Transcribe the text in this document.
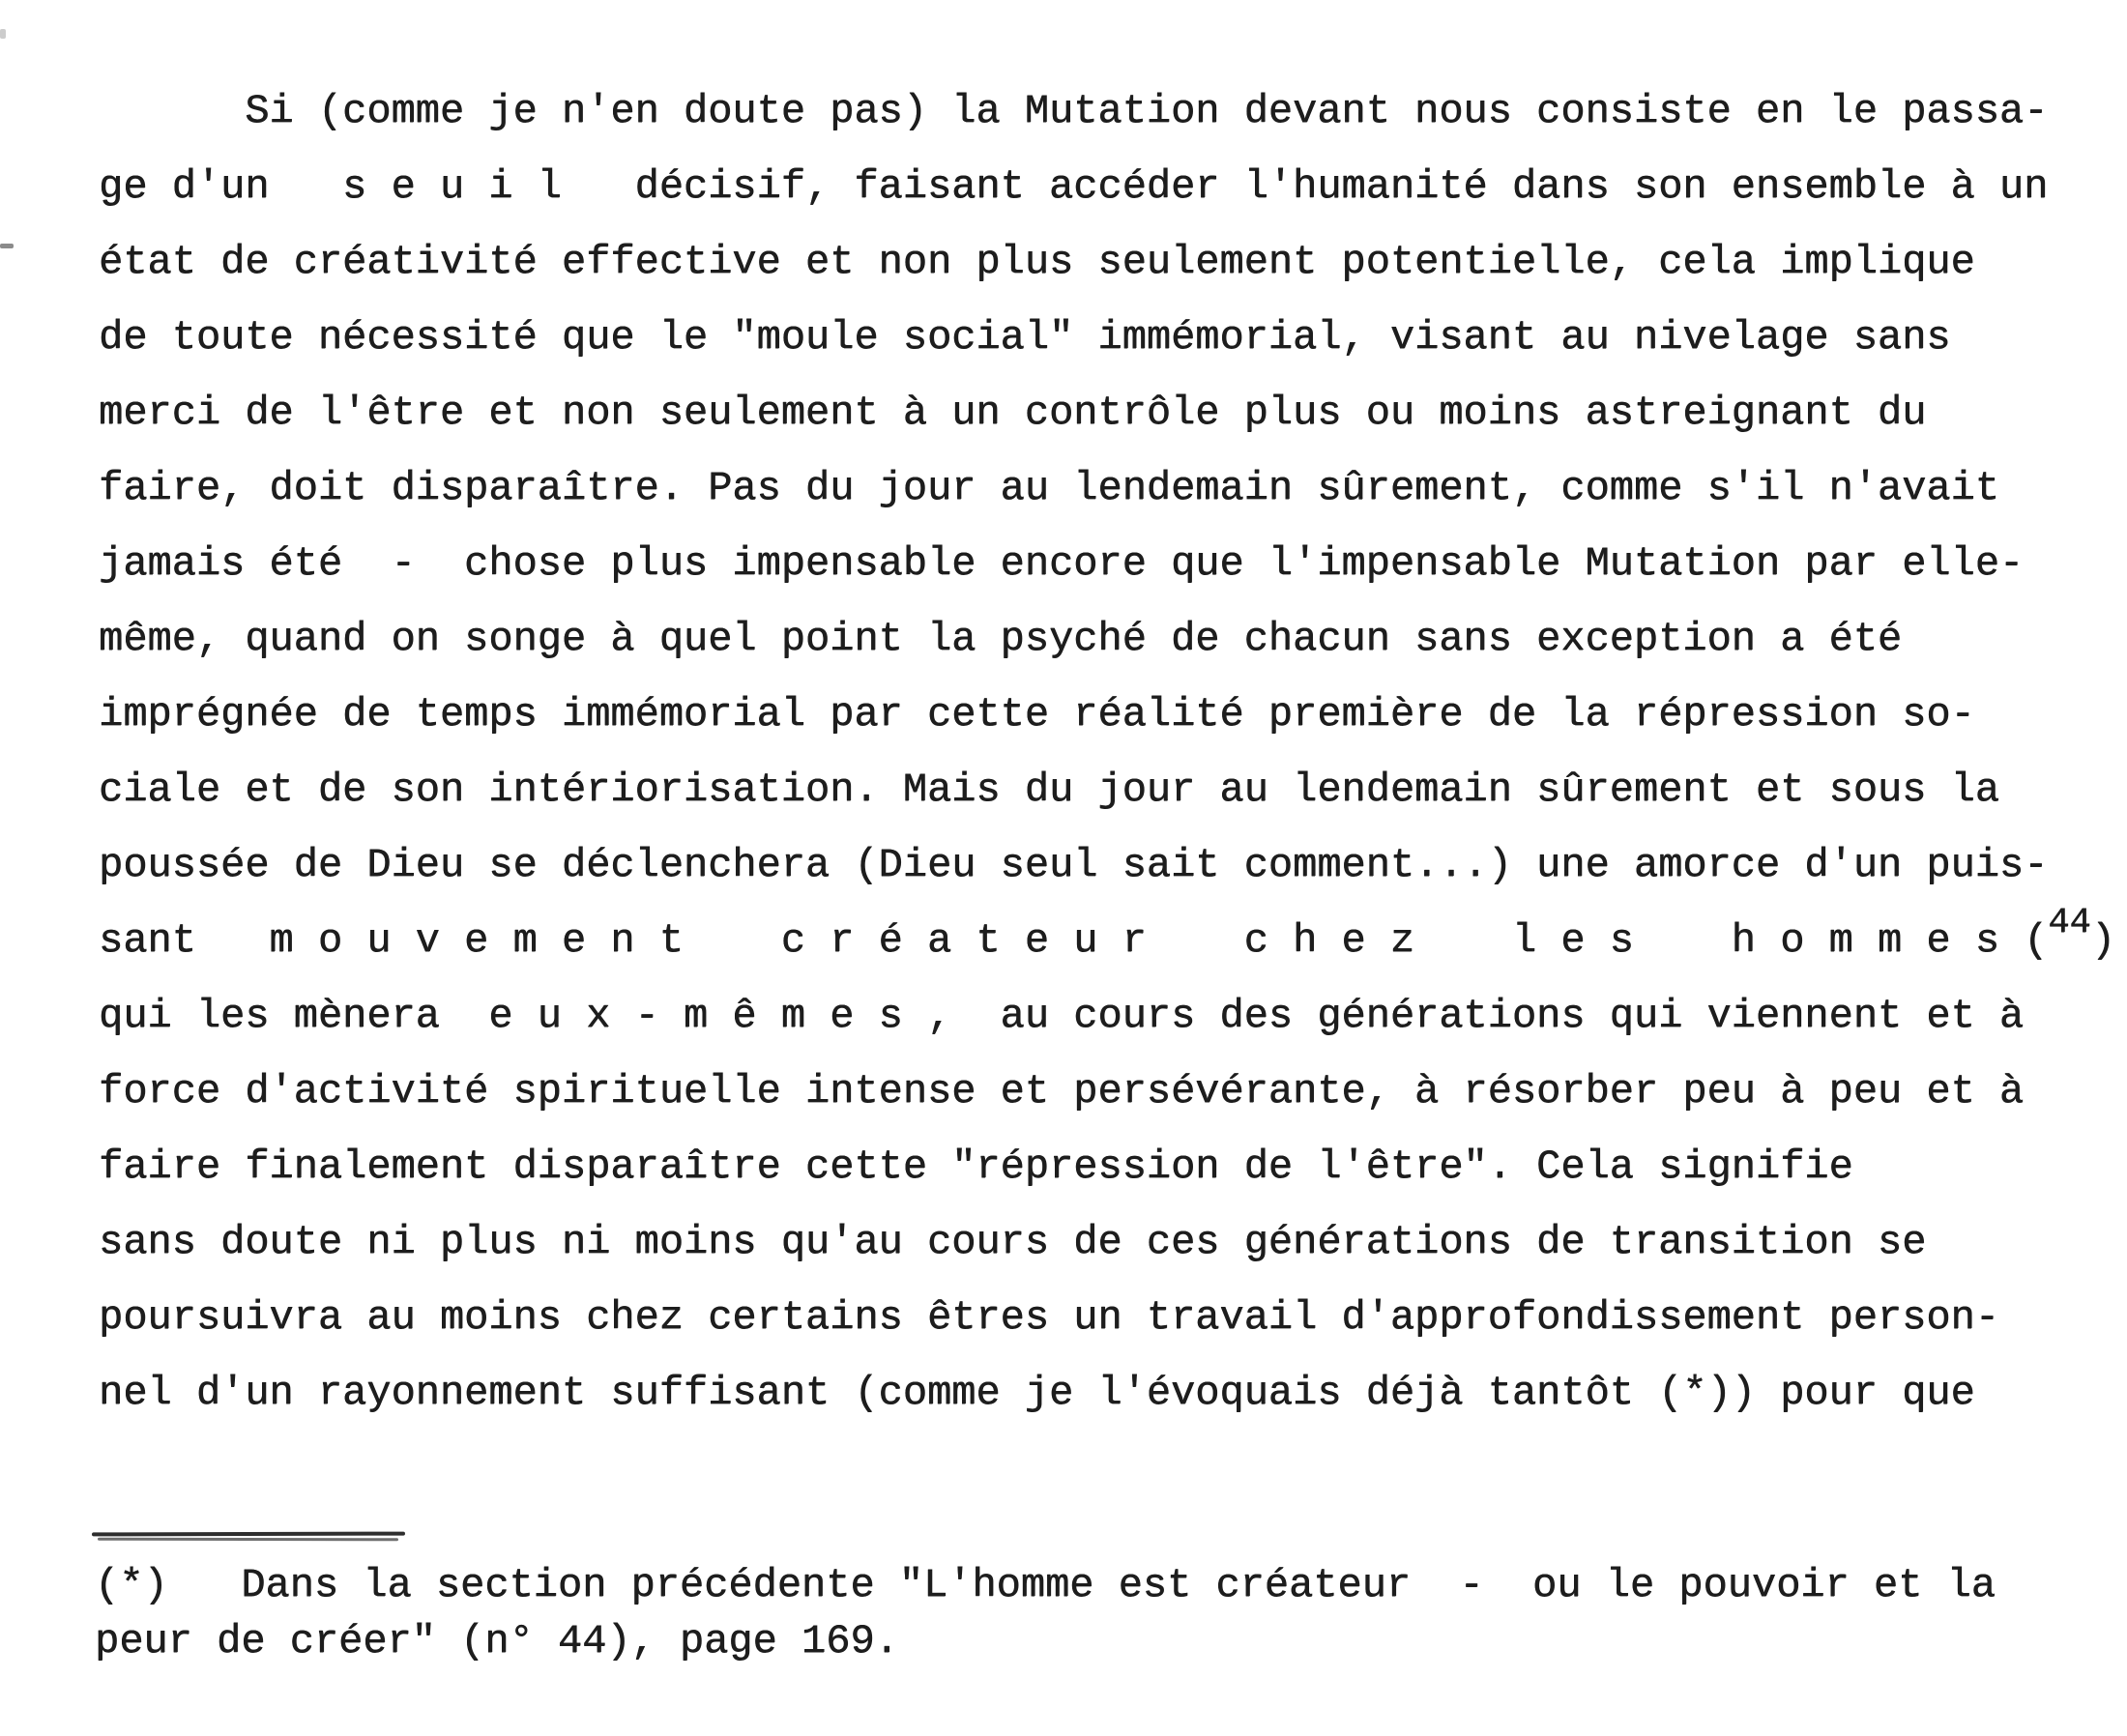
Si (comme je n'en doute pas) la Mutation devant nous consiste en le passa-
ge d'un   s e u i l   décisif, faisant accéder l'humanité dans son ensemble à un
état de créativité effective et non plus seulement potentielle, cela implique
de toute nécessité que le "moule social" immémorial, visant au nivelage sans
merci de l'être et non seulement à un contrôle plus ou moins astreignant du
faire, doit disparaître. Pas du jour au lendemain sûrement, comme s'il n'avait
jamais été  -  chose plus impensable encore que l'impensable Mutation par elle-
même, quand on songe à quel point la psyché de chacun sans exception a été
imprégnée de temps immémorial par cette réalité première de la répression so-
ciale et de son intériorisation. Mais du jour au lendemain sûrement et sous la
poussée de Dieu se déclenchera (Dieu seul sait comment...) une amorce d'un puis-
sant   m o u v e m e n t    c r é a t e u r    c h e z    l e s    h o m m e s (44)
qui les mènera  e u x - m ê m e s ,  au cours des générations qui viennent et à
force d'activité spirituelle intense et persévérante, à résorber peu à peu et à
faire finalement disparaître cette "répression de l'être". Cela signifie
sans doute ni plus ni moins qu'au cours de ces générations de transition se
poursuivra au moins chez certains êtres un travail d'approfondissement person-
nel d'un rayonnement suffisant (comme je l'évoquais déjà tantôt (*)) pour que
(*)   Dans la section précédente "L'homme est créateur  -  ou le pouvoir et la
peur de créer" (n° 44), page 169.
